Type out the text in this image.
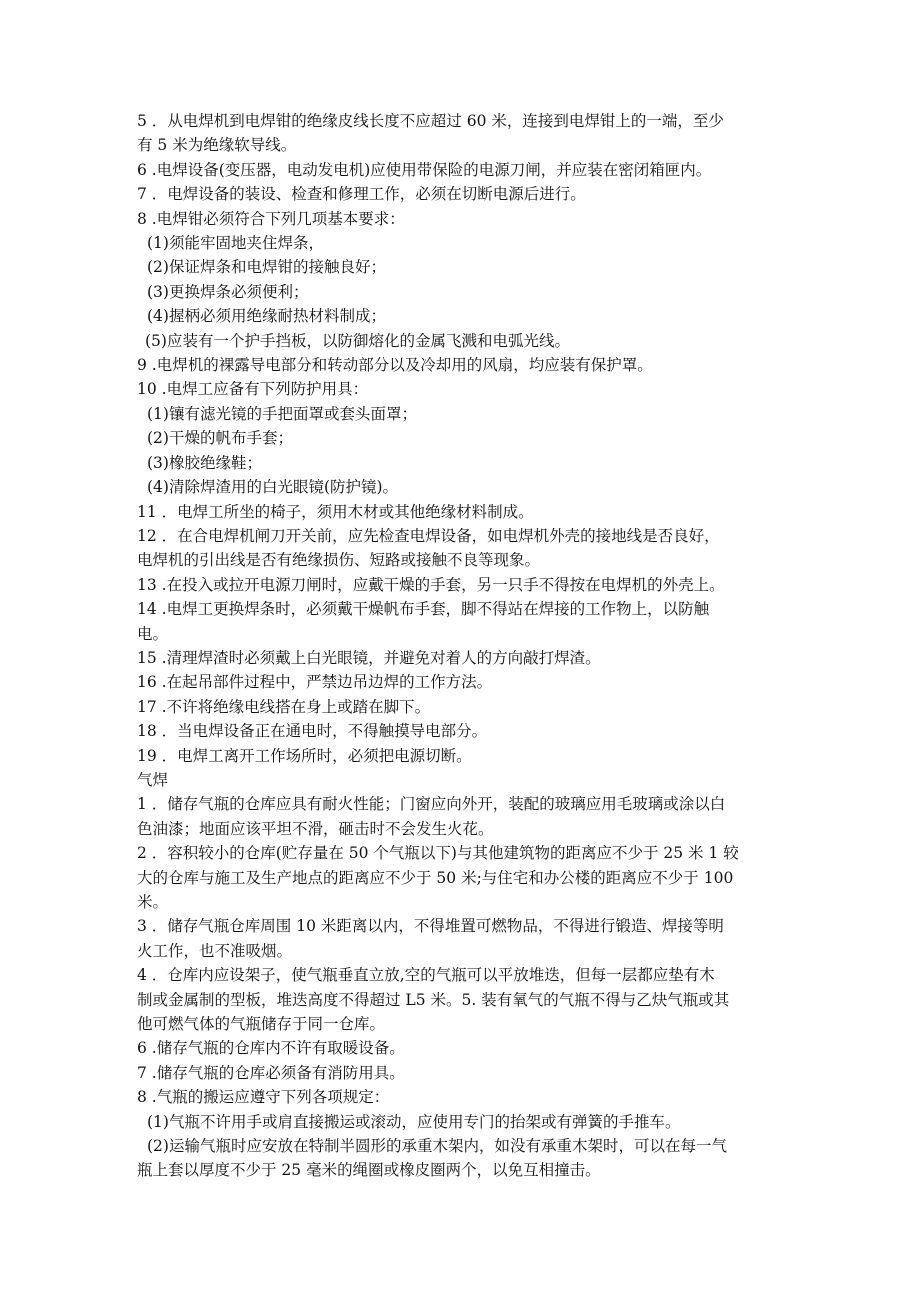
5 ．从电焊机到电焊钳的绝缘皮线长度不应超过 60 米，连接到电焊钳上的一端，至少
有 5 米为绝缘软导线。
6 .电焊设备(变压器，电动发电机)应使用带保险的电源刀闸，并应装在密闭箱匣内。
7 ．电焊设备的装设、检查和修理工作，必须在切断电源后进行。
8 .电焊钳必须符合下列几项基本要求：
(1)须能牢固地夹住焊条，
(2)保证焊条和电焊钳的接触良好；
(3)更换焊条必须便利；
(4)握柄必须用绝缘耐热材料制成；
(5)应装有一个护手挡板，以防御熔化的金属飞溅和电弧光线。
9 .电焊机的裸露导电部分和转动部分以及冷却用的风扇，均应装有保护罩。
10 .电焊工应备有下列防护用具：
(1)镶有滤光镜的手把面罩或套头面罩；
(2)干燥的帆布手套；
(3)橡胶绝缘鞋；
(4)清除焊渣用的白光眼镜(防护镜)。
11 ．电焊工所坐的椅子，须用木材或其他绝缘材料制成。
12 ．在合电焊机闸刀开关前，应先检查电焊设备，如电焊机外壳的接地线是否良好，
电焊机的引出线是否有绝缘损伤、短路或接触不良等现象。
13 .在投入或拉开电源刀闸时，应戴干燥的手套，另一只手不得按在电焊机的外壳上。
14 .电焊工更换焊条时，必须戴干燥帆布手套，脚不得站在焊接的工作物上，以防触
电。
15 .清理焊渣时必须戴上白光眼镜，并避免对着人的方向敲打焊渣。
16 .在起吊部件过程中，严禁边吊边焊的工作方法。
17 .不许将绝缘电线搭在身上或踏在脚下。
18 ．当电焊设备正在通电时，不得触摸导电部分。
19 ．电焊工离开工作场所时，必须把电源切断。
气焊
1 ．储存气瓶的仓库应具有耐火性能；门窗应向外开，装配的玻璃应用毛玻璃或涂以白
色油漆；地面应该平坦不滑，砸击时不会发生火花。
2 ．容积较小的仓库(贮存量在 50 个气瓶以下)与其他建筑物的距离应不少于 25 米 1 较
大的仓库与施工及生产地点的距离应不少于 50 米;与住宅和办公楼的距离应不少于 100
米。
3 ．储存气瓶仓库周围 10 米距离以内，不得堆置可燃物品，不得进行锻造、焊接等明
火工作，也不准吸烟。
4 ．仓库内应设架子，使气瓶垂直立放,空的气瓶可以平放堆迭，但每一层都应垫有木
制或金属制的型板，堆迭高度不得超过 L5 米。5. 装有氧气的气瓶不得与乙炔气瓶或其
他可燃气体的气瓶储存于同一仓库。
6 .储存气瓶的仓库内不许有取暖设备。
7 .储存气瓶的仓库必须备有消防用具。
8 .气瓶的搬运应遵守下列各项规定：
(1)气瓶不许用手或肩直接搬运或滚动，应使用专门的抬架或有弹簧的手推车。
(2)运输气瓶时应安放在特制半圆形的承重木架内，如没有承重木架时，可以在每一气
瓶上套以厚度不少于 25 毫米的绳圈或橡皮圈两个，以免互相撞击。
